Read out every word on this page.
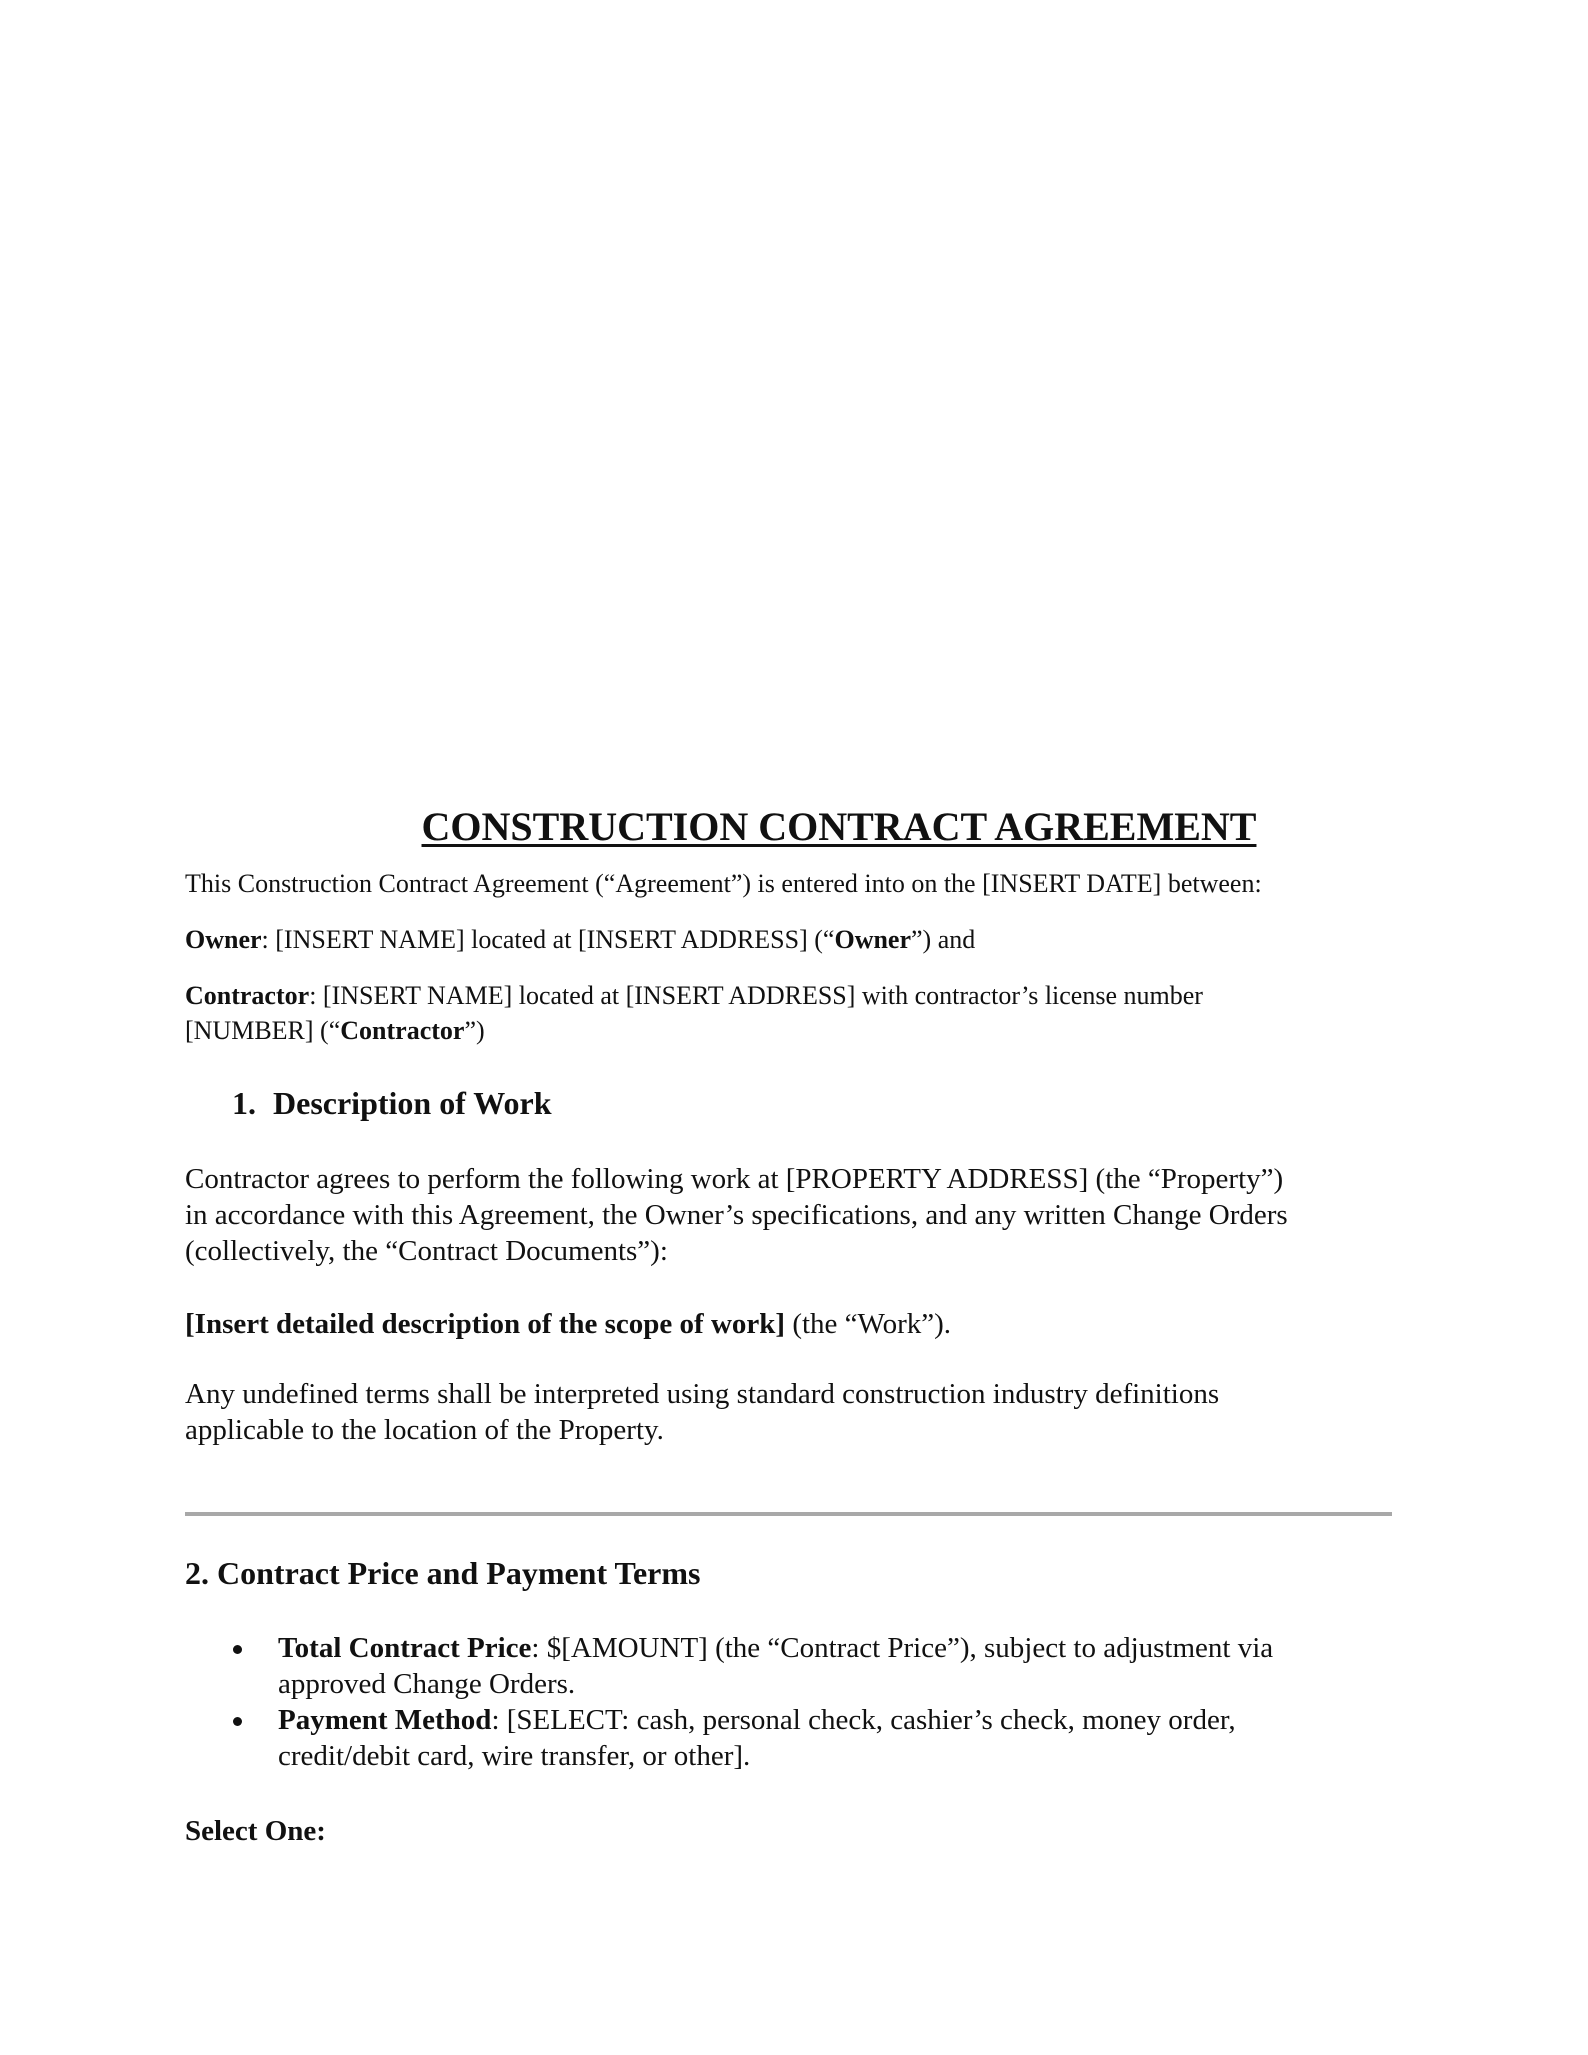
CONSTRUCTION CONTRACT AGREEMENT
This Construction Contract Agreement (“Agreement”) is entered into on the [INSERT DATE] between:
Owner: [INSERT NAME] located at [INSERT ADDRESS] (“Owner”) and
Contractor: [INSERT NAME] located at [INSERT ADDRESS] with contractor’s license number
[NUMBER] (“Contractor”)
1. Description of Work
Contractor agrees to perform the following work at [PROPERTY ADDRESS] (the “Property”)
in accordance with this Agreement, the Owner’s specifications, and any written Change Orders
(collectively, the “Contract Documents”):
[Insert detailed description of the scope of work] (the “Work”).
Any undefined terms shall be interpreted using standard construction industry definitions
applicable to the location of the Property.
2. Contract Price and Payment Terms
Total Contract Price: $[AMOUNT] (the “Contract Price”), subject to adjustment via
approved Change Orders.
Payment Method: [SELECT: cash, personal check, cashier’s check, money order,
credit/debit card, wire transfer, or other].
Select One:
